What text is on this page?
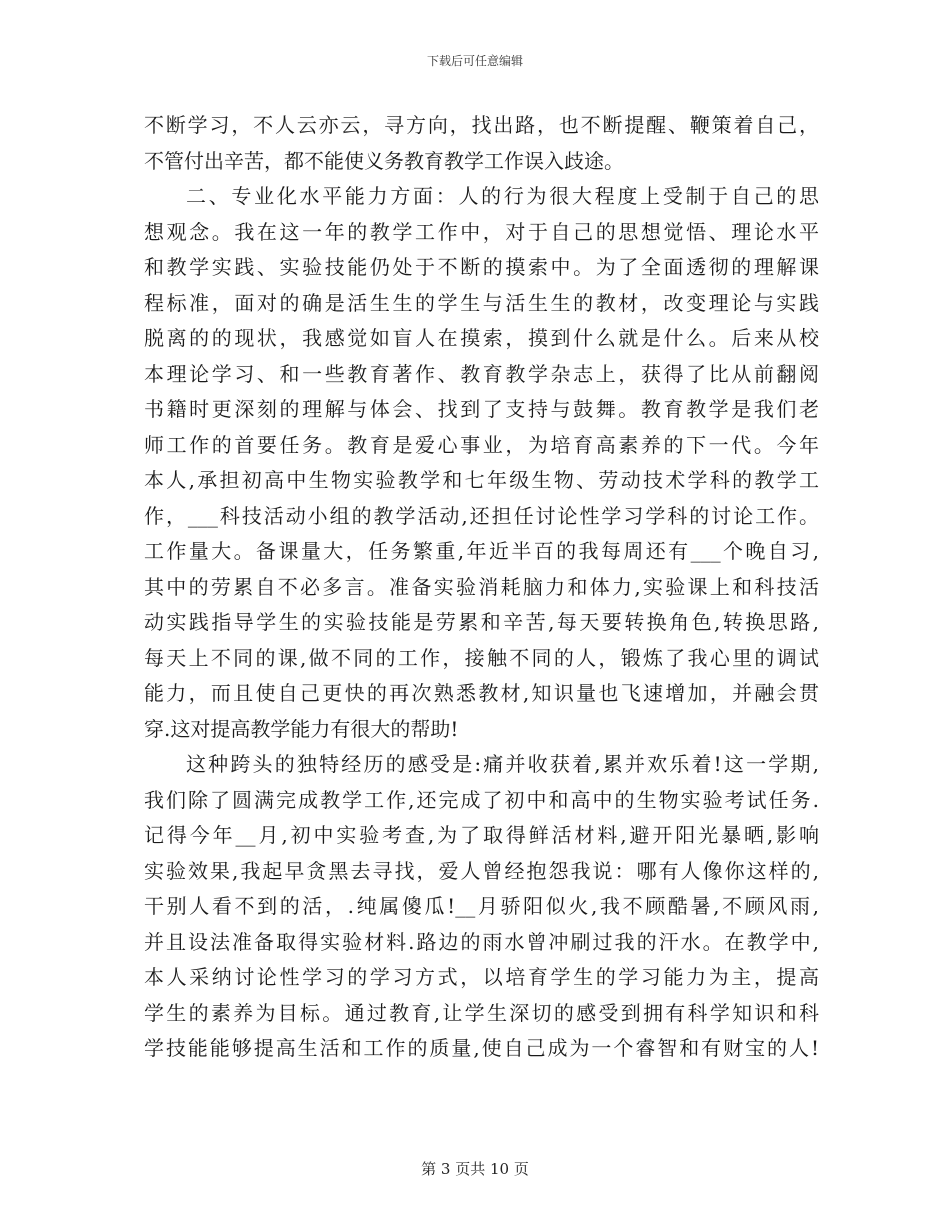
下载后可任意编辑
不断学习，不人云亦云，寻方向，找出路，也不断提醒、鞭策着自己，
不管付出辛苦，都不能使义务教育教学工作误入歧途。
二、专业化水平能力方面：人的行为很大程度上受制于自己的思
想观念。我在这一年的教学工作中，对于自己的思想觉悟、理论水平
和教学实践、实验技能仍处于不断的摸索中。为了全面透彻的理解课
程标准，面对的确是活生生的学生与活生生的教材，改变理论与实践
脱离的的现状，我感觉如盲人在摸索，摸到什么就是什么。后来从校
本理论学习、和一些教育著作、教育教学杂志上，获得了比从前翻阅
书籍时更深刻的理解与体会、找到了支持与鼓舞。教育教学是我们老
师工作的首要任务。教育是爱心事业，为培育高素养的下一代。今年
本人,承担初高中生物实验教学和七年级生物、劳动技术学科的教学工
作，___科技活动小组的教学活动,还担任讨论性学习学科的讨论工作。
工作量大。备课量大，任务繁重,年近半百的我每周还有___个晚自习,
其中的劳累自不必多言。准备实验消耗脑力和体力,实验课上和科技活
动实践指导学生的实验技能是劳累和辛苦,每天要转换角色,转换思路,
每天上不同的课,做不同的工作，接触不同的人，锻炼了我心里的调试
能力，而且使自己更快的再次熟悉教材,知识量也飞速增加，并融会贯
穿.这对提高教学能力有很大的帮助!
这种跨头的独特经历的感受是:痛并收获着,累并欢乐着!这一学期,
我们除了圆满完成教学工作,还完成了初中和高中的生物实验考试任务.
记得今年__月,初中实验考查,为了取得鲜活材料,避开阳光暴晒,影响
实验效果,我起早贪黑去寻找，爱人曾经抱怨我说：哪有人像你这样的,
干别人看不到的活，.纯属傻瓜!__月骄阳似火,我不顾酷暑,不顾风雨,
并且设法准备取得实验材料.路边的雨水曾冲刷过我的汗水。在教学中,
本人采纳讨论性学习的学习方式，以培育学生的学习能力为主，提高
学生的素养为目标。通过教育,让学生深切的感受到拥有科学知识和科
学技能能够提高生活和工作的质量,使自己成为一个睿智和有财宝的人!
第 3 页共 10 页
